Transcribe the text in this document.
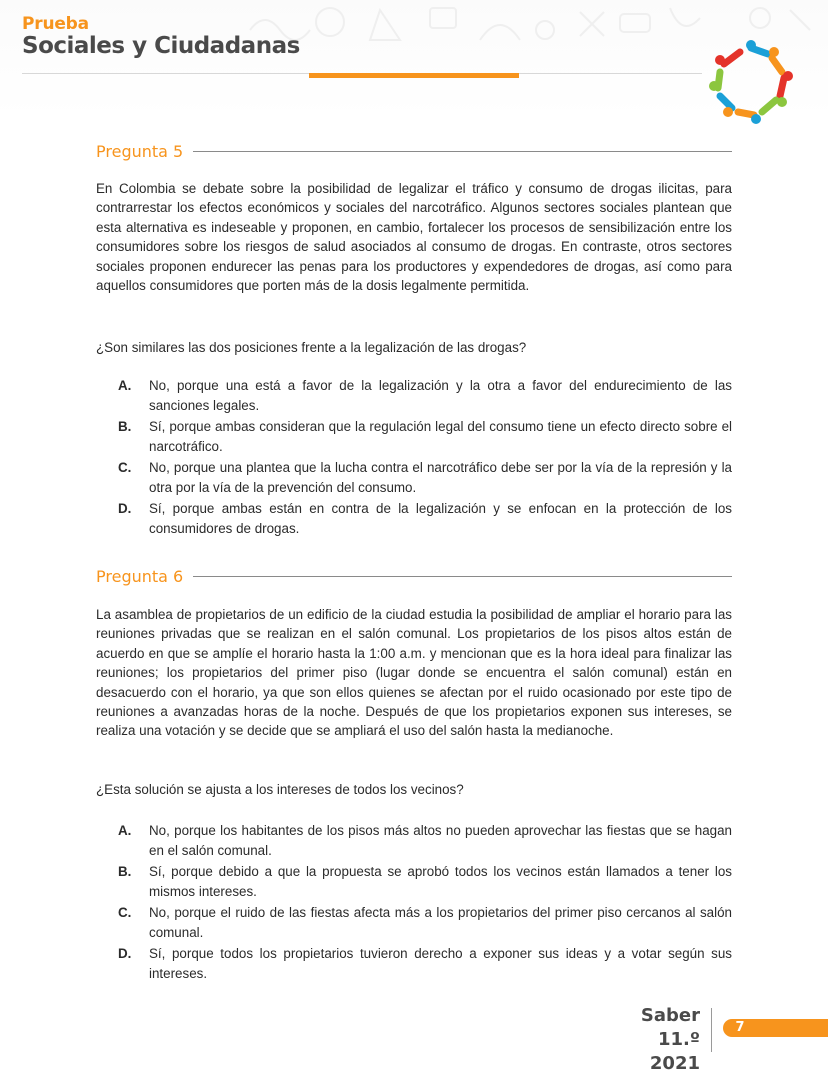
Prueba
Sociales y Ciudadanas
Pregunta 5

En Colombia se debate sobre la posibilidad de legalizar el tráfico y consumo de drogas ilicitas, para contrarrestar los efectos económicos y sociales del narcotráfico. Algunos sectores sociales plantean que esta alternativa es indeseable y proponen, en cambio, fortalecer los procesos de sensibilización entre los consumidores sobre los riesgos de salud asociados al consumo de drogas. En contraste, otros sectores sociales proponen endurecer las penas para los productores y expendedores de drogas, así como para aquellos consumidores que porten más de la dosis legalmente permitida.

¿Son similares las dos posiciones frente a la legalización de las drogas?

A.	No, porque una está a favor de la legalización y la otra a favor del endurecimiento de las sanciones legales.
B.	Sí, porque ambas consideran que la regulación legal del consumo tiene un efecto directo sobre el narcotráfico.
C.	No, porque una plantea que la lucha contra el narcotráfico debe ser por la vía de la represión y la otra por la vía de la prevención del consumo.
D.	Sí, porque ambas están en contra de la legalización y se enfocan en la protección de los consumidores de drogas.
Pregunta 6

La asamblea de propietarios de un edificio de la ciudad estudia la posibilidad de ampliar el horario para las reuniones privadas que se realizan en el salón comunal. Los propietarios de los pisos altos están de acuerdo en que se amplíe el horario hasta la 1:00 a.m. y mencionan que es la hora ideal para finalizar las reuniones; los propietarios del primer piso (lugar donde se encuentra el salón comunal) están en desacuerdo con el horario, ya que son ellos quienes se afectan por el ruido ocasionado por este tipo de reuniones a avanzadas horas de la noche. Después de que los propietarios exponen sus intereses, se realiza una votación y se decide que se ampliará el uso del salón hasta la medianoche.

¿Esta solución se ajusta a los intereses de todos los vecinos?

A.	No, porque los habitantes de los pisos más altos no pueden aprovechar las fiestas que se hagan en el salón comunal.
B.	Sí, porque debido a que la propuesta se aprobó todos los vecinos están llamados a tener los mismos intereses.
C.	No, porque el ruido de las fiestas afecta más a los propietarios del primer piso cercanos al salón comunal.
D.	Sí, porque todos los propietarios tuvieron derecho a exponer sus ideas y a votar según sus intereses.
Saber 11.º
2021
7
